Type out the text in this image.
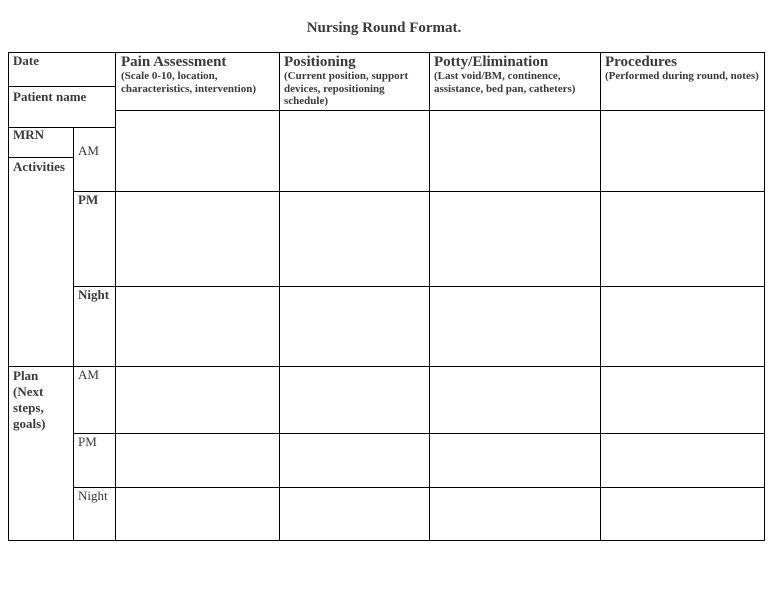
Nursing Round Format.
Date
Patient name
MRN
Activities
Plan (Next steps, goals)
AM
PM
Night
AM
PM
Night
Pain Assessment
(Scale 0-10, location, characteristics, intervention)
Positioning
(Current position, support devices, repositioning schedule)
Potty/Elimination
(Last void/BM, continence, assistance, bed pan, catheters)
Procedures
(Performed during round, notes)
